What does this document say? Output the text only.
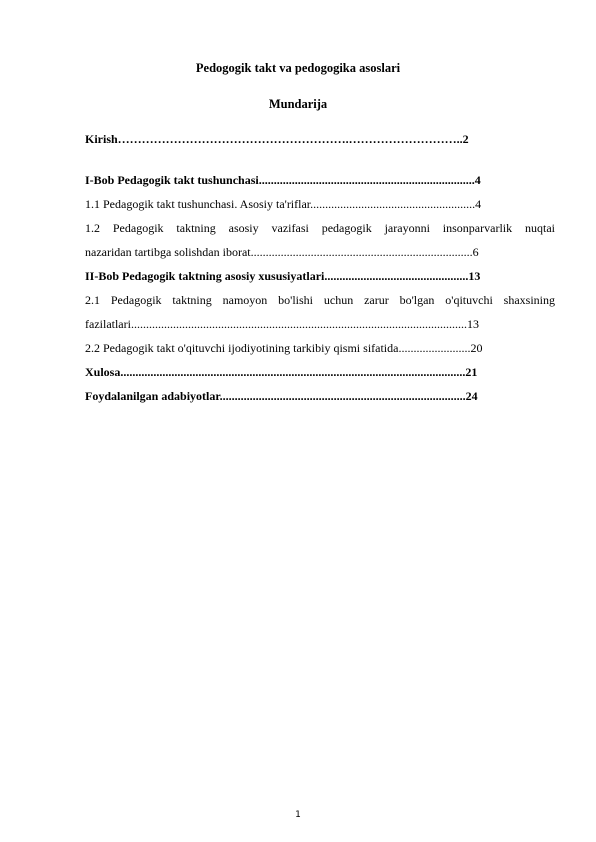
Pedogogik takt va pedogogika asoslari
Mundarija
Kirish………………………………………………….………………………..2
I-Bob Pedagogik takt tushunchasi........................................................................4
1.1 Pedagogik takt tushunchasi. Asosiy ta'riflar.......................................................4
1.2 Pedagogik taktning asosiy vazifasi pedagogik jarayonni insonparvarlik nuqtai
nazaridan tartibga solishdan iborat..........................................................................6
II-Bob Pedagogik taktning asosiy xususiyatlari................................................13
2.1 Pedagogik taktning namoyon bo'lishi uchun zarur bo'lgan o'qituvchi shaxsining
fazilatlari................................................................................................................13
2.2 Pedagogik takt o'qituvchi ijodiyotining tarkibiy qismi sifatida........................20
Xulosa...................................................................................................................21
Foydalanilgan adabiyotlar..................................................................................24
1
